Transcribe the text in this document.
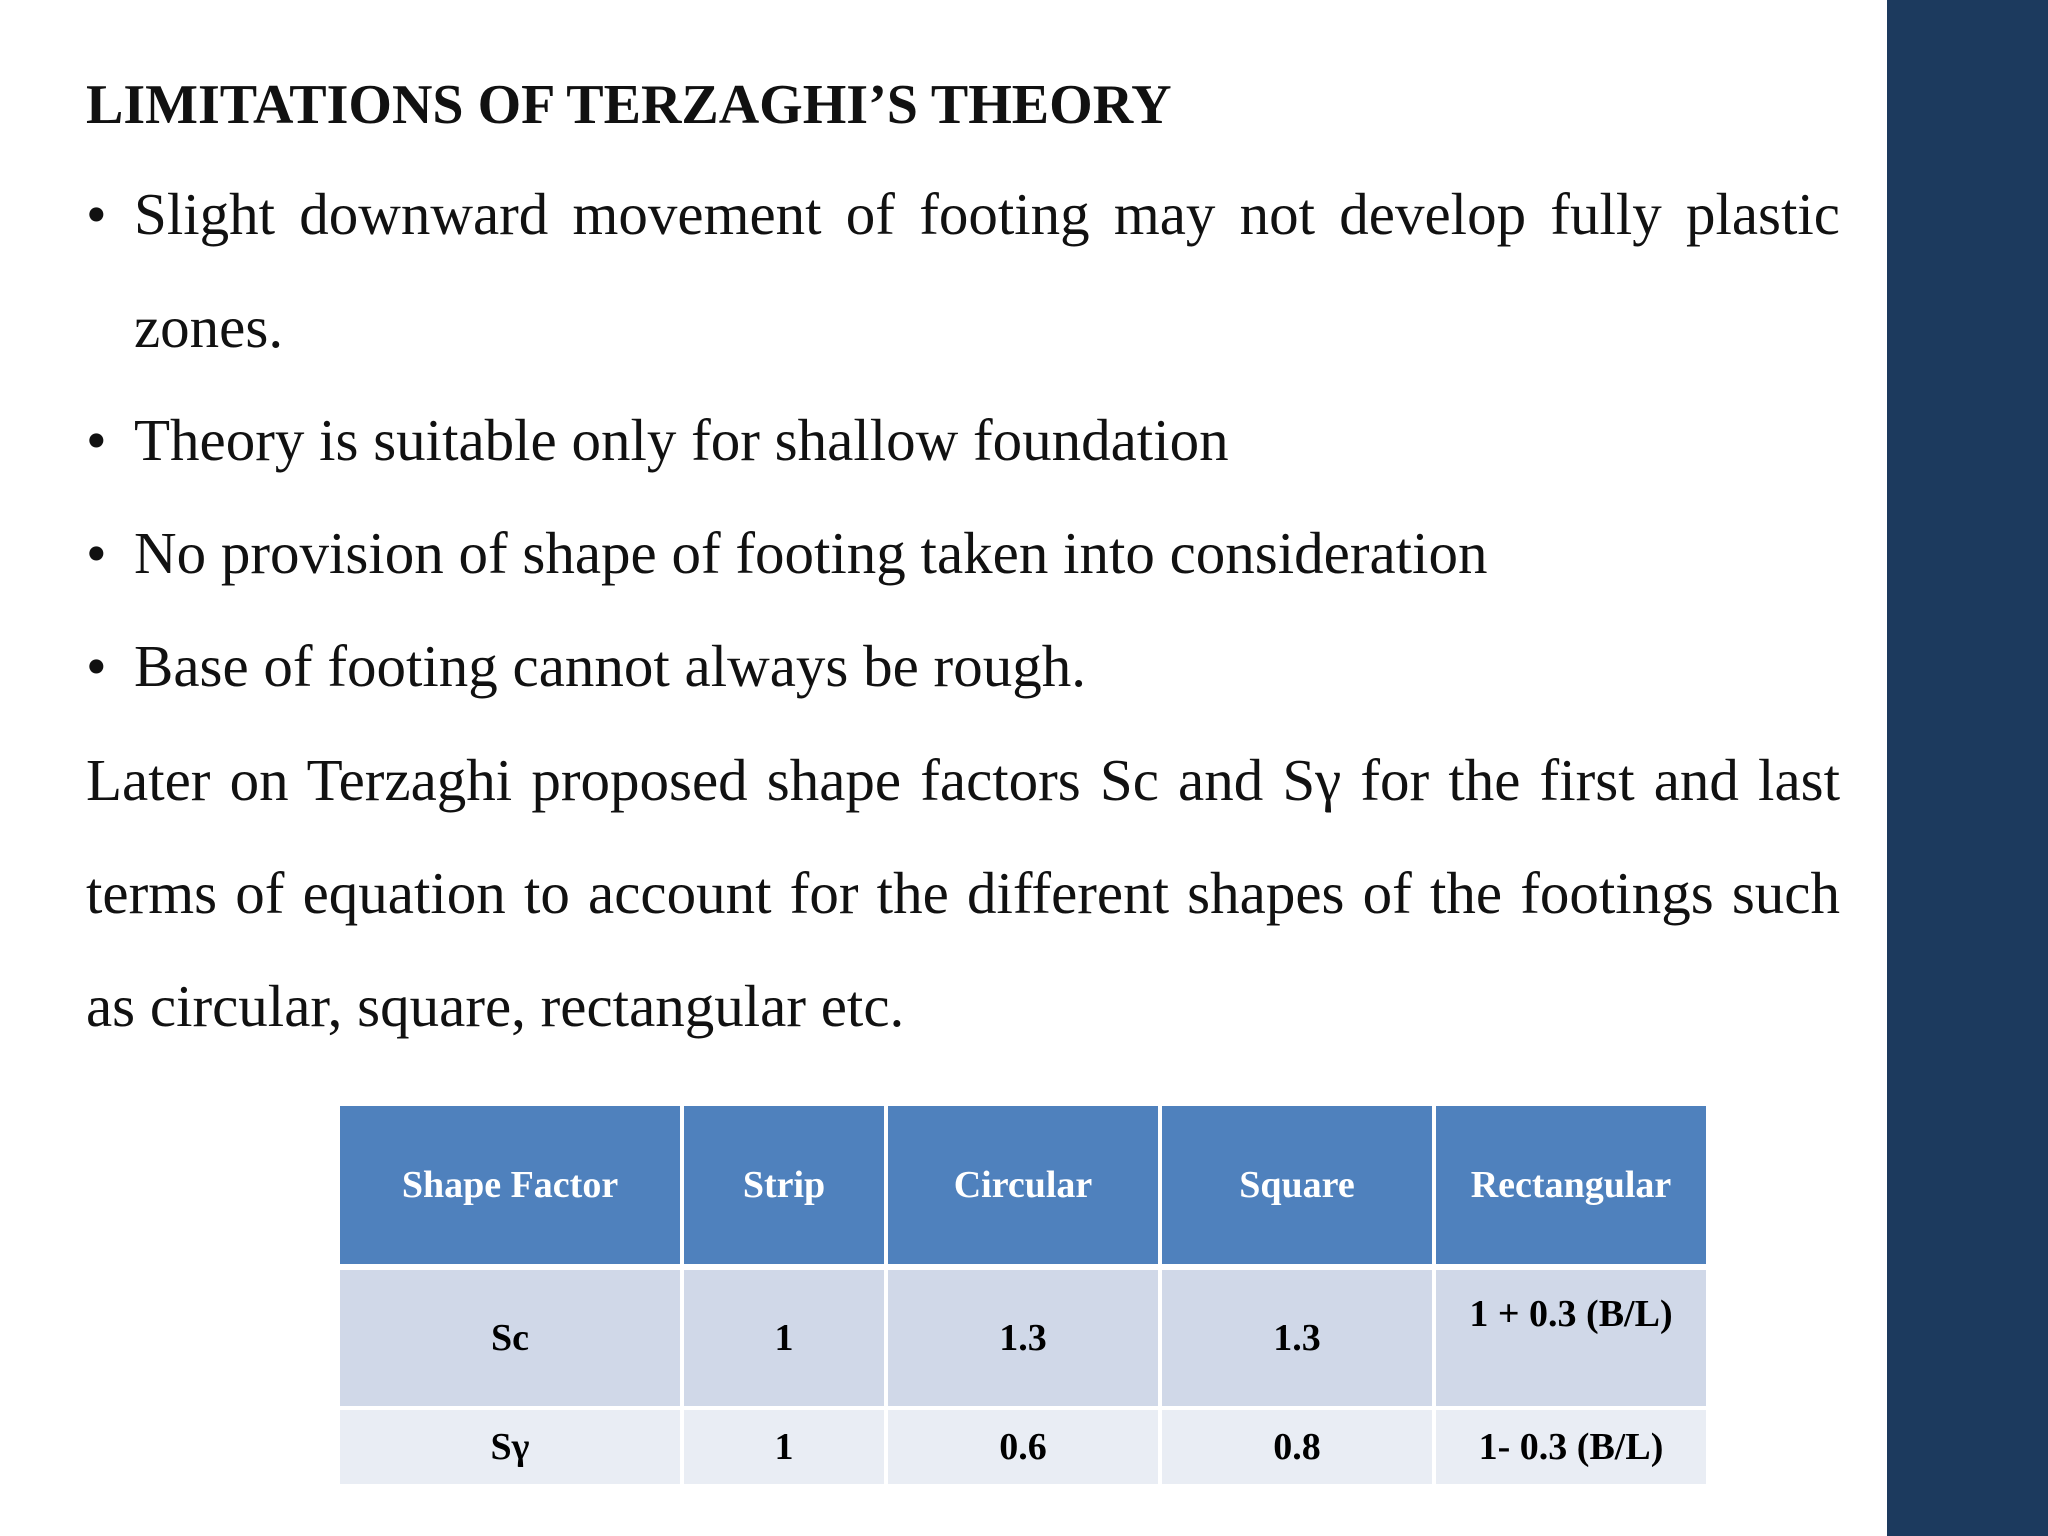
LIMITATIONS OF TERZAGHI’S THEORY
• Slight downward movement of footing may not develop fully plastic zones.
• Theory is suitable only for shallow foundation
• No provision of shape of footing taken into consideration
• Base of footing cannot always be rough.
Later on Terzaghi proposed shape factors Sc and Sγ for the first and last terms of equation to account for the different shapes of the footings such as circular, square, rectangular etc.
Shape Factor	Strip	Circular	Square	Rectangular
Sc	1	1.3	1.3	1 + 0.3 (B/L)
Sγ	1	0.6	0.8	1- 0.3 (B/L)
